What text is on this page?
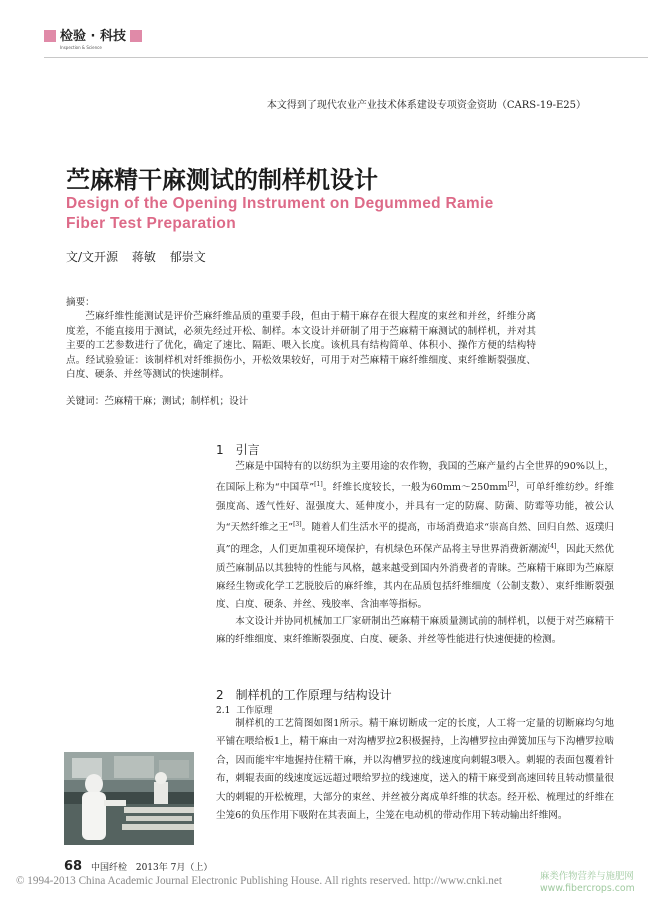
检验 · 科技
Inspection & Science
本文得到了现代农业产业技术体系建设专项资金资助（CARS-19-E25）
苎麻精干麻测试的制样机设计
Design of the Opening Instrument on Degummed Ramie Fiber Test Preparation
文/文开源 蒋敏 郁崇文
摘要：

苎麻纤维性能测试是评价苎麻纤维品质的重要手段，但由于精干麻存在很大程度的束丝和并丝，纤维分离度差，不能直接用于测试，必须先经过开松、制样。本文设计并研制了用于苎麻精干麻测试的制样机，并对其主要的工艺参数进行了优化，确定了速比、隔距、喂入长度。该机具有结构简单、体积小、操作方便的结构特点。经试验验证：该制样机对纤维损伤小，开松效果较好，可用于对苎麻精干麻纤维细度、束纤维断裂强度、白度、硬条、并丝等测试的快速制样。

关键词：苎麻精干麻；测试；制样机；设计
1 引言

苎麻是中国特有的以纺织为主要用途的农作物，我国的苎麻产量约占全世界的90%以上，在国际上称为“中国草”[1]。纤维长度较长，一般为60mm～250mm[2]，可单纤维纺纱。纤维强度高、透气性好、湿强度大、延伸度小，并具有一定的防腐、防菌、防霉等功能，被公认为“天然纤维之王”[3]。随着人们生活水平的提高，市场消费追求“崇高自然、回归自然、返璞归真”的理念，人们更加重视环境保护，有机绿色环保产品将主导世界消费新潮流[4]，因此天然优质苎麻制品以其独特的性能与风格，越来越受到国内外消费者的青睐。苎麻精干麻即为苎麻原麻经生物或化学工艺脱胶后的麻纤维，其内在品质包括纤维细度（公制支数）、束纤维断裂强度、白度、硬条、并丝、残胶率、含油率等指标。

本文设计并协同机械加工厂家研制出苎麻精干麻质量测试前的制样机，以便于对苎麻精干麻的纤维细度、束纤维断裂强度、白度、硬条、并丝等性能进行快速便捷的检测。

2 制样机的工作原理与结构设计
2.1 工作原理

制样机的工艺简图如图1所示。精干麻切断成一定的长度，人工将一定量的切断麻均匀地平铺在喂给板1上，精干麻由一对沟槽罗拉2积极握持，上沟槽罗拉由弹簧加压与下沟槽罗拉啮合，因而能牢牢地握持住精干麻，并以沟槽罗拉的线速度向刺辊3喂入。刺辊的表面包覆着针布，刺辊表面的线速度远远超过喂给罗拉的线速度，送入的精干麻受到高速回转且转动惯量很大的刺辊的开松梳理，大部分的束丝、并丝被分离成单纤维的状态。经开松、梳理过的纤维在尘笼6的负压作用下吸附在其表面上，尘笼在电动机的带动作用下转动输出纤维网。

68 中国纤检 2013年 7月（上）
© 1994-2013 China Academic Journal Electronic Publishing House. All rights reserved. http://www.cnki.net	麻类作物营养与施肥网 www.fibercrops.com
